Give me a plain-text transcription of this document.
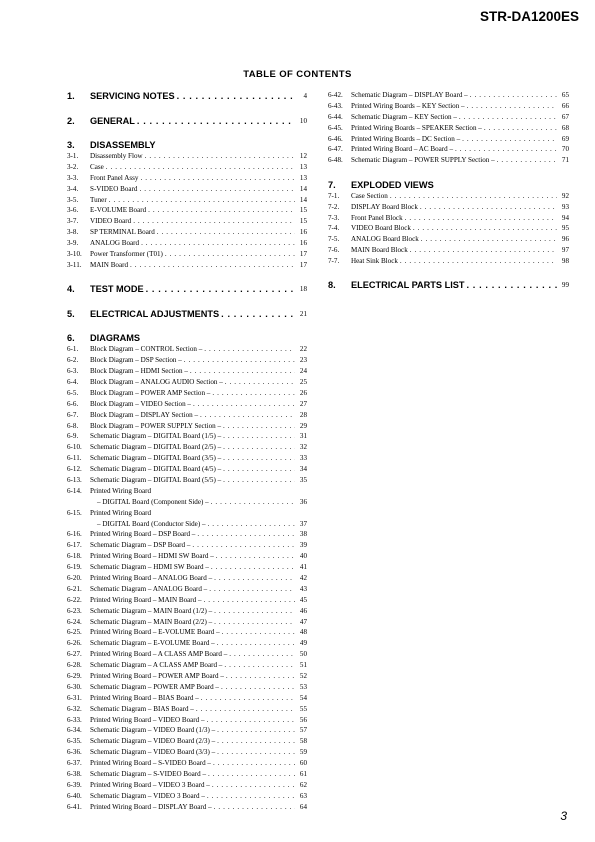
STR-DA1200ES
TABLE OF CONTENTS
1.	SERVICING NOTES . . .	4
2.	GENERAL . . .	10
3.	DISASSEMBLY
3-1.	Disassembly Flow . . .	12
3-2.	Case . . .	13
3-3.	Front Panel Assy . . .	13
3-4.	S-VIDEO Board . . .	14
3-5.	Tuner . . .	14
3-6.	E-VOLUME Board . . .	15
3-7.	VIDEO Board . . .	15
3-8.	SP TERMINAL Board . . .	16
3-9.	ANALOG Board . . .	16
3-10.	Power Transformer (T01) . . .	17
3-11.	MAIN Board . . .	17
4.	TEST MODE . . .	18
5.	ELECTRICAL ADJUSTMENTS . . .	21
6.	DIAGRAMS
6-1.	Block Diagram – CONTROL Section – . . .	22
6-2.	Block Diagram – DSP Section – . . .	23
6-3.	Block Diagram – HDMI Section – . . .	24
6-4.	Block Diagram – ANALOG AUDIO Section – . . .	25
6-5.	Block Diagram – POWER AMP Section – . . .	26
6-6.	Block Diagram – VIDEO Section – . . .	27
6-7.	Block Diagram – DISPLAY Section – . . .	28
6-8.	Block Diagram – POWER SUPPLY Section – . . .	29
6-9.	Schematic Diagram – DIGITAL Board (1/5) – . . .	31
6-10.	Schematic Diagram – DIGITAL Board (2/5) – . . .	32
6-11.	Schematic Diagram – DIGITAL Board (3/5) – . . .	33
6-12.	Schematic Diagram – DIGITAL Board (4/5) – . . .	34
6-13.	Schematic Diagram – DIGITAL Board (5/5) – . . .	35
6-14.	Printed Wiring Board
– DIGITAL Board (Component Side) – . . .	36
6-15.	Printed Wiring Board
– DIGITAL Board (Conductor Side) – . . .	37
6-16.	Printed Wiring Board – DSP Board – . . .	38
6-17.	Schematic Diagram – DSP Board – . . .	39
6-18.	Printed Wiring Board – HDMI SW Board – . . .	40
6-19.	Schematic Diagram – HDMI SW Board – . . .	41
6-20.	Printed Wiring Board – ANALOG Board – . . .	42
6-21.	Schematic Diagram – ANALOG Board – . . .	43
6-22.	Printed Wiring Board – MAIN Board – . . .	45
6-23.	Schematic Diagram – MAIN Board (1/2) – . . .	46
6-24.	Schematic Diagram – MAIN Board (2/2) – . . .	47
6-25.	Printed Wiring Board – E-VOLUME Board – . . .	48
6-26.	Schematic Diagram – E-VOLUME Board – . . .	49
6-27.	Printed Wiring Board – A CLASS AMP Board – . . .	50
6-28.	Schematic Diagram – A CLASS AMP Board – . . .	51
6-29.	Printed Wiring Board – POWER AMP Board – . . .	52
6-30.	Schematic Diagram – POWER AMP Board – . . .	53
6-31.	Printed Wiring Board – BIAS Board – . . .	54
6-32.	Schematic Diagram – BIAS Board – . . .	55
6-33.	Printed Wiring Board – VIDEO Board – . . .	56
6-34.	Schematic Diagram – VIDEO Board (1/3) – . . .	57
6-35.	Schematic Diagram – VIDEO Board (2/3) – . . .	58
6-36.	Schematic Diagram – VIDEO Board (3/3) – . . .	59
6-37.	Printed Wiring Board – S-VIDEO Board – . . .	60
6-38.	Schematic Diagram – S-VIDEO Board – . . .	61
6-39.	Printed Wiring Board – VIDEO 3 Board – . . .	62
6-40.	Schematic Diagram – VIDEO 3 Board – . . .	63
6-41.	Printed Wiring Board – DISPLAY Board – . . .	64
6-42.	Schematic Diagram – DISPLAY Board – . . .	65
6-43.	Printed Wiring Boards – KEY Section – . . .	66
6-44.	Schematic Diagram – KEY Section – . . .	67
6-45.	Printed Wiring Boards – SPEAKER Section – . . .	68
6-46.	Printed Wiring Boards – DC Section – . . .	69
6-47.	Printed Wiring Board – AC Board – . . .	70
6-48.	Schematic Diagram – POWER SUPPLY Section – . . .	71
7.	EXPLODED VIEWS
7-1.	Case Section . . .	92
7-2.	DISPLAY Board Block . . .	93
7-3.	Front Panel Block . . .	94
7-4.	VIDEO Board Block . . .	95
7-5.	ANALOG Board Block . . .	96
7-6.	MAIN Board Block . . .	97
7-7.	Heat Sink Block . . .	98
8.	ELECTRICAL PARTS LIST . . .	99
3
